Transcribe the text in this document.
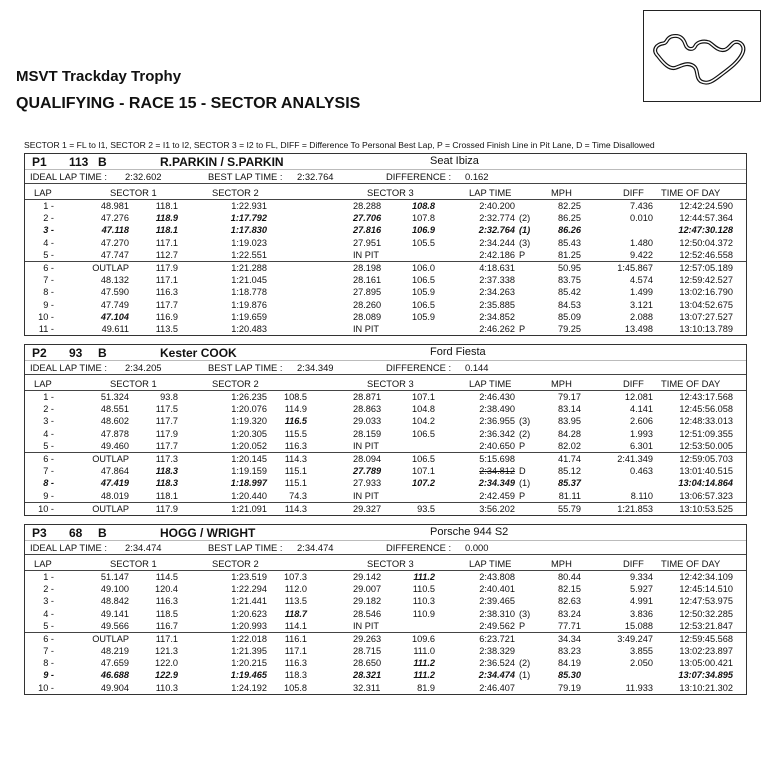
MSVT Trackday Trophy
QUALIFYING - RACE 15 - SECTOR ANALYSIS
SECTOR 1 = FL to I1, SECTOR 2 = I1 to I2, SECTOR 3 = I2 to FL, DIFF = Difference To Personal Best Lap, P = Crossed Finish Line in Pit Lane, D = Time Disallowed
P1 113 B	R.PARKIN / S.PARKIN	Seat Ibiza
IDEAL LAP TIME : 2:32.602	BEST LAP TIME : 2:32.764	DIFFERENCE : 0.162
LAP	SECTOR 1	SECTOR 2	SECTOR 3	LAP TIME	MPH	DIFF TIME OF DAY
1 -	48.981	118.1	1:22.931	28.288	108.8	2:40.200	82.25	7.436	12:42:24.590
2 -	47.276	118.9	1:17.792	27.706	107.8	2:32.774 (2)	86.25	0.010	12:44:57.364
3 -	47.118	118.1	1:17.830	27.816	106.9	2:32.764 (1)	86.26	12:47:30.128
4 -	47.270	117.1	1:19.023	27.951	105.5	2:34.244 (3)	85.43	1.480	12:50:04.372
5 -	47.747	112.7	1:22.551	IN PIT	2:42.186 P	81.25	9.422	12:52:46.558
6 -	OUTLAP	117.9	1:21.288	28.198	106.0	4:18.631	50.95	1:45.867	12:57:05.189
7 -	48.132	117.1	1:21.045	28.161	106.5	2:37.338	83.75	4.574	12:59:42.527
8 -	47.590	116.3	1:18.778	27.895	105.9	2:34.263	85.42	1.499	13:02:16.790
9 -	47.749	117.7	1:19.876	28.260	106.5	2:35.885	84.53	3.121	13:04:52.675
10 -	47.104	116.9	1:19.659	28.089	105.9	2:34.852	85.09	2.088	13:07:27.527
11 -	49.611	113.5	1:20.483	IN PIT	2:46.262 P	79.25	13.498	13:10:13.789
P2 93 B	Kester COOK	Ford Fiesta
IDEAL LAP TIME : 2:34.205	BEST LAP TIME : 2:34.349	DIFFERENCE : 0.144
LAP	SECTOR 1	SECTOR 2	SECTOR 3	LAP TIME	MPH	DIFF TIME OF DAY
1 -	51.324	93.8	1:26.235	108.5	28.871	107.1	2:46.430	79.17	12.081	12:43:17.568
2 -	48.551	117.5	1:20.076	114.9	28.863	104.8	2:38.490	83.14	4.141	12:45:56.058
3 -	48.602	117.7	1:19.320	116.5	29.033	104.2	2:36.955 (3)	83.95	2.606	12:48:33.013
4 -	47.878	117.9	1:20.305	115.5	28.159	106.5	2:36.342 (2)	84.28	1.993	12:51:09.355
5 -	49.460	117.7	1:20.052	116.3	IN PIT	2:40.650 P	82.02	6.301	12:53:50.005
6 -	OUTLAP	117.3	1:20.145	114.3	28.094	106.5	5:15.698	41.74	2:41.349	12:59:05.703
7 -	47.864	118.3	1:19.159	115.1	27.789	107.1	2:34.812 D	85.12	0.463	13:01:40.515
8 -	47.419	118.3	1:18.997	115.1	27.933	107.2	2:34.349 (1)	85.37	13:04:14.864
9 -	48.019	118.1	1:20.440	74.3	IN PIT	2:42.459 P	81.11	8.110	13:06:57.323
10 -	OUTLAP	117.9	1:21.091	114.3	29.327	93.5	3:56.202	55.79	1:21.853	13:10:53.525
P3 68 B	HOGG / WRIGHT	Porsche 944 S2
IDEAL LAP TIME : 2:34.474	BEST LAP TIME : 2:34.474	DIFFERENCE : 0.000
LAP	SECTOR 1	SECTOR 2	SECTOR 3	LAP TIME	MPH	DIFF TIME OF DAY
1 -	51.147	114.5	1:23.519	107.3	29.142	111.2	2:43.808	80.44	9.334	12:42:34.109
2 -	49.100	120.4	1:22.294	112.0	29.007	110.5	2:40.401	82.15	5.927	12:45:14.510
3 -	48.842	116.3	1:21.441	113.5	29.182	110.3	2:39.465	82.63	4.991	12:47:53.975
4 -	49.141	118.5	1:20.623	118.7	28.546	110.9	2:38.310 (3)	83.24	3.836	12:50:32.285
5 -	49.566	116.7	1:20.993	114.1	IN PIT	2:49.562 P	77.71	15.088	12:53:21.847
6 -	OUTLAP	117.1	1:22.018	116.1	29.263	109.6	6:23.721	34.34	3:49.247	12:59:45.568
7 -	48.219	121.3	1:21.395	117.1	28.715	111.0	2:38.329	83.23	3.855	13:02:23.897
8 -	47.659	122.0	1:20.215	116.3	28.650	111.2	2:36.524 (2)	84.19	2.050	13:05:00.421
9 -	46.688	122.9	1:19.465	118.3	28.321	111.2	2:34.474 (1)	85.30	13:07:34.895
10 -	49.904	110.3	1:24.192	105.8	32.311	81.9	2:46.407	79.19	11.933	13:10:21.302
